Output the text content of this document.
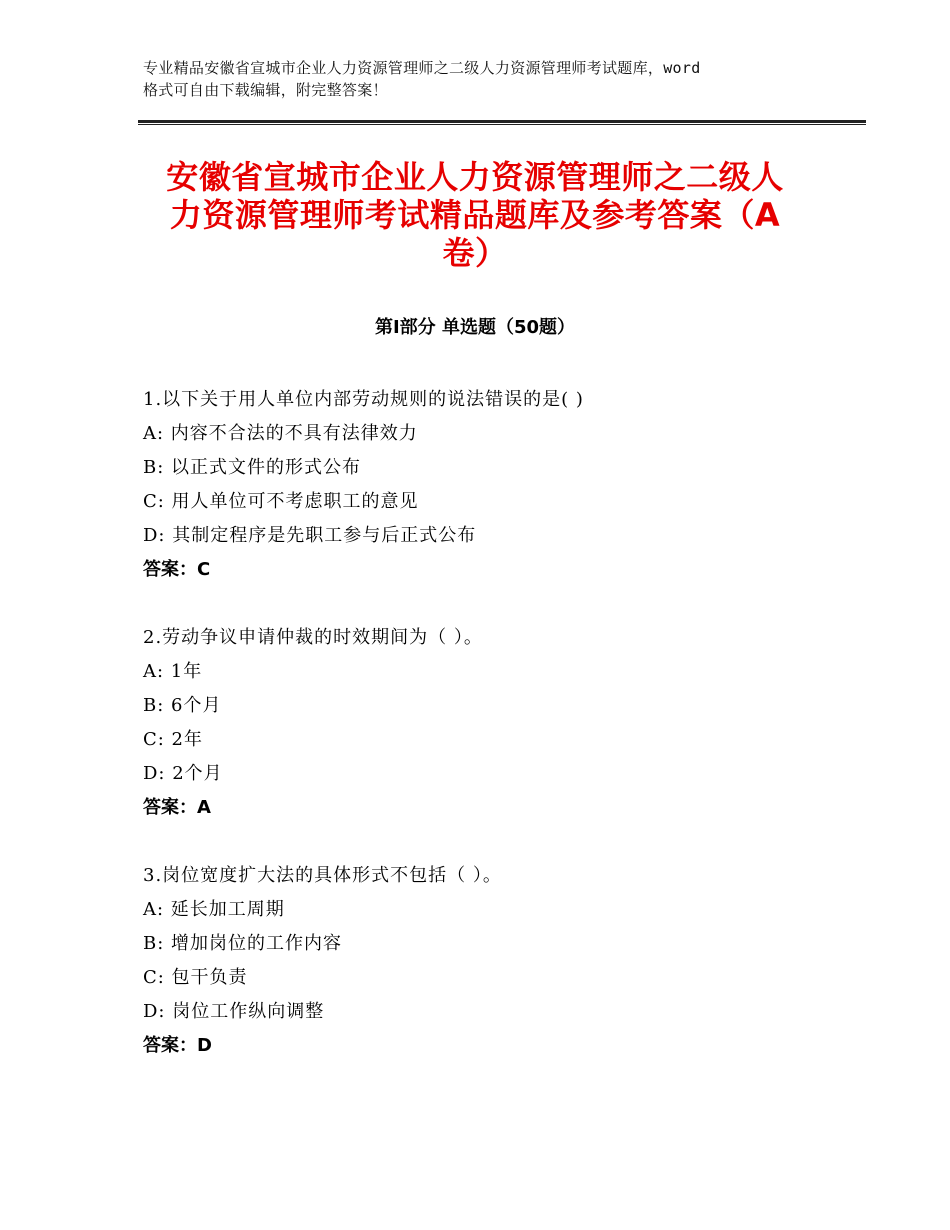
专业精品安徽省宣城市企业人力资源管理师之二级人力资源管理师考试题库，word
格式可自由下载编辑，附完整答案！
安徽省宣城市企业人力资源管理师之二级人
力资源管理师考试精品题库及参考答案（A
卷）
第Ⅰ部分 单选题（50题）
1.以下关于用人单位内部劳动规则的说法错误的是( )
A: 内容不合法的不具有法律效力
B: 以正式文件的形式公布
C: 用人单位可不考虑职工的意见
D: 其制定程序是先职工参与后正式公布
答案：C
2.劳动争议申请仲裁的时效期间为（ ）。
A: 1年
B: 6个月
C: 2年
D: 2个月
答案：A
3.岗位宽度扩大法的具体形式不包括（ ）。
A: 延长加工周期
B: 增加岗位的工作内容
C: 包干负责
D: 岗位工作纵向调整
答案：D
